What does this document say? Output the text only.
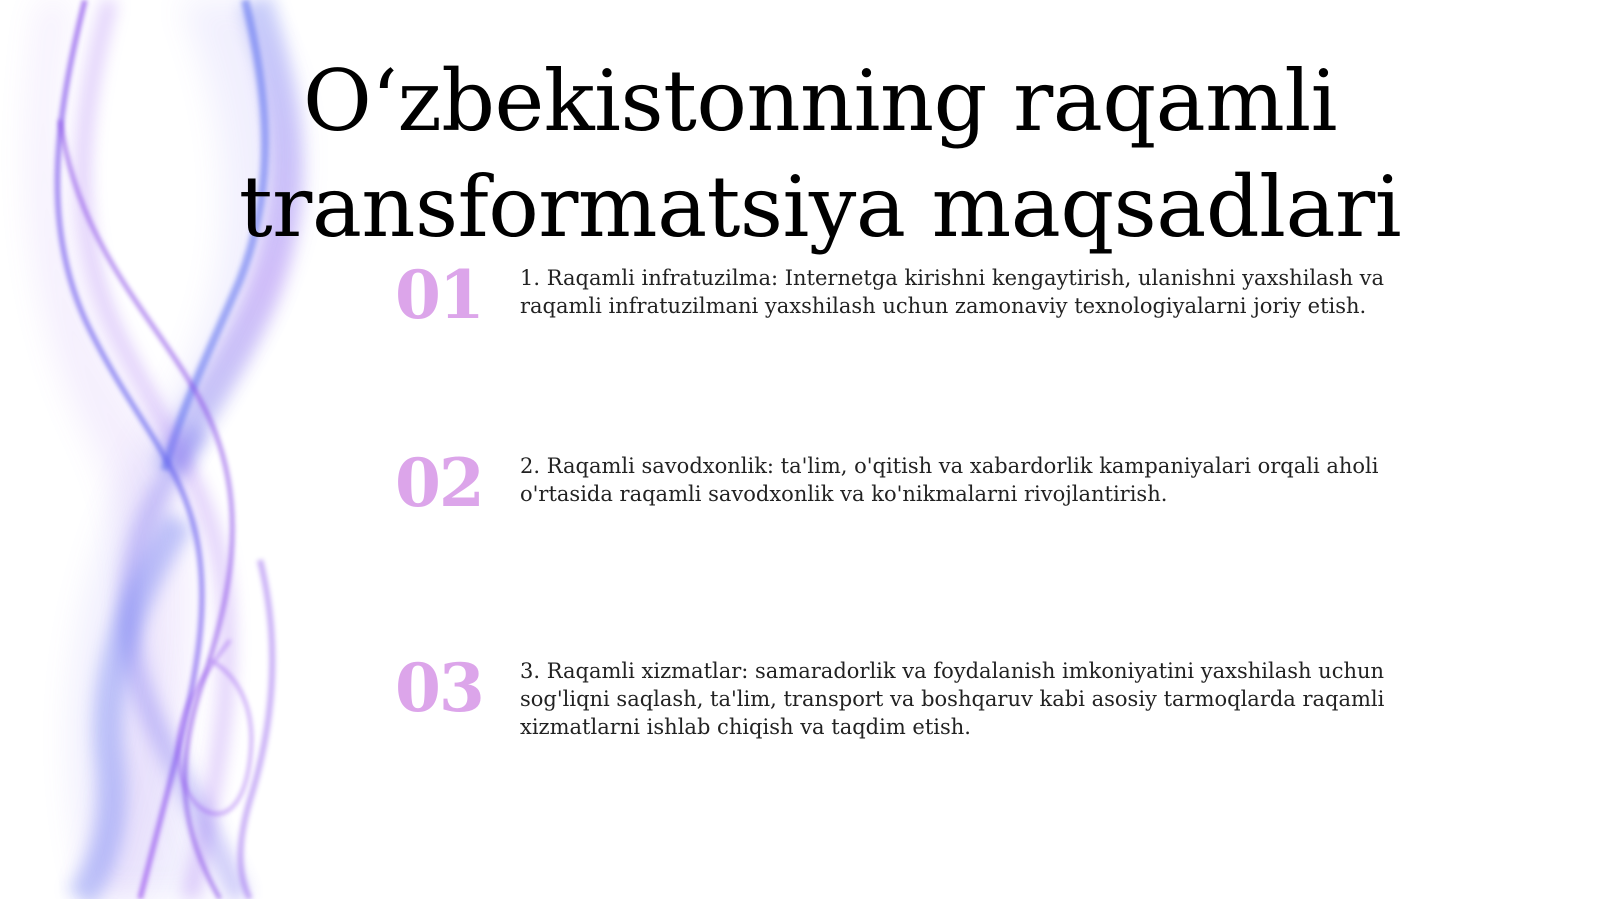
O‘zbekistonning raqamli transformatsiya maqsadlari
01 1. Raqamli infratuzilma: Internetga kirishni kengaytirish, ulanishni yaxshilash va raqamli infratuzilmani yaxshilash uchun zamonaviy texnologiyalarni joriy etish.

02 2. Raqamli savodxonlik: ta'lim, o'qitish va xabardorlik kampaniyalari orqali aholi o'rtasida raqamli savodxonlik va ko'nikmalarni rivojlantirish.

03 3. Raqamli xizmatlar: samaradorlik va foydalanish imkoniyatini yaxshilash uchun sog'liqni saqlash, ta'lim, transport va boshqaruv kabi asosiy tarmoqlarda raqamli xizmatlarni ishlab chiqish va taqdim etish.
